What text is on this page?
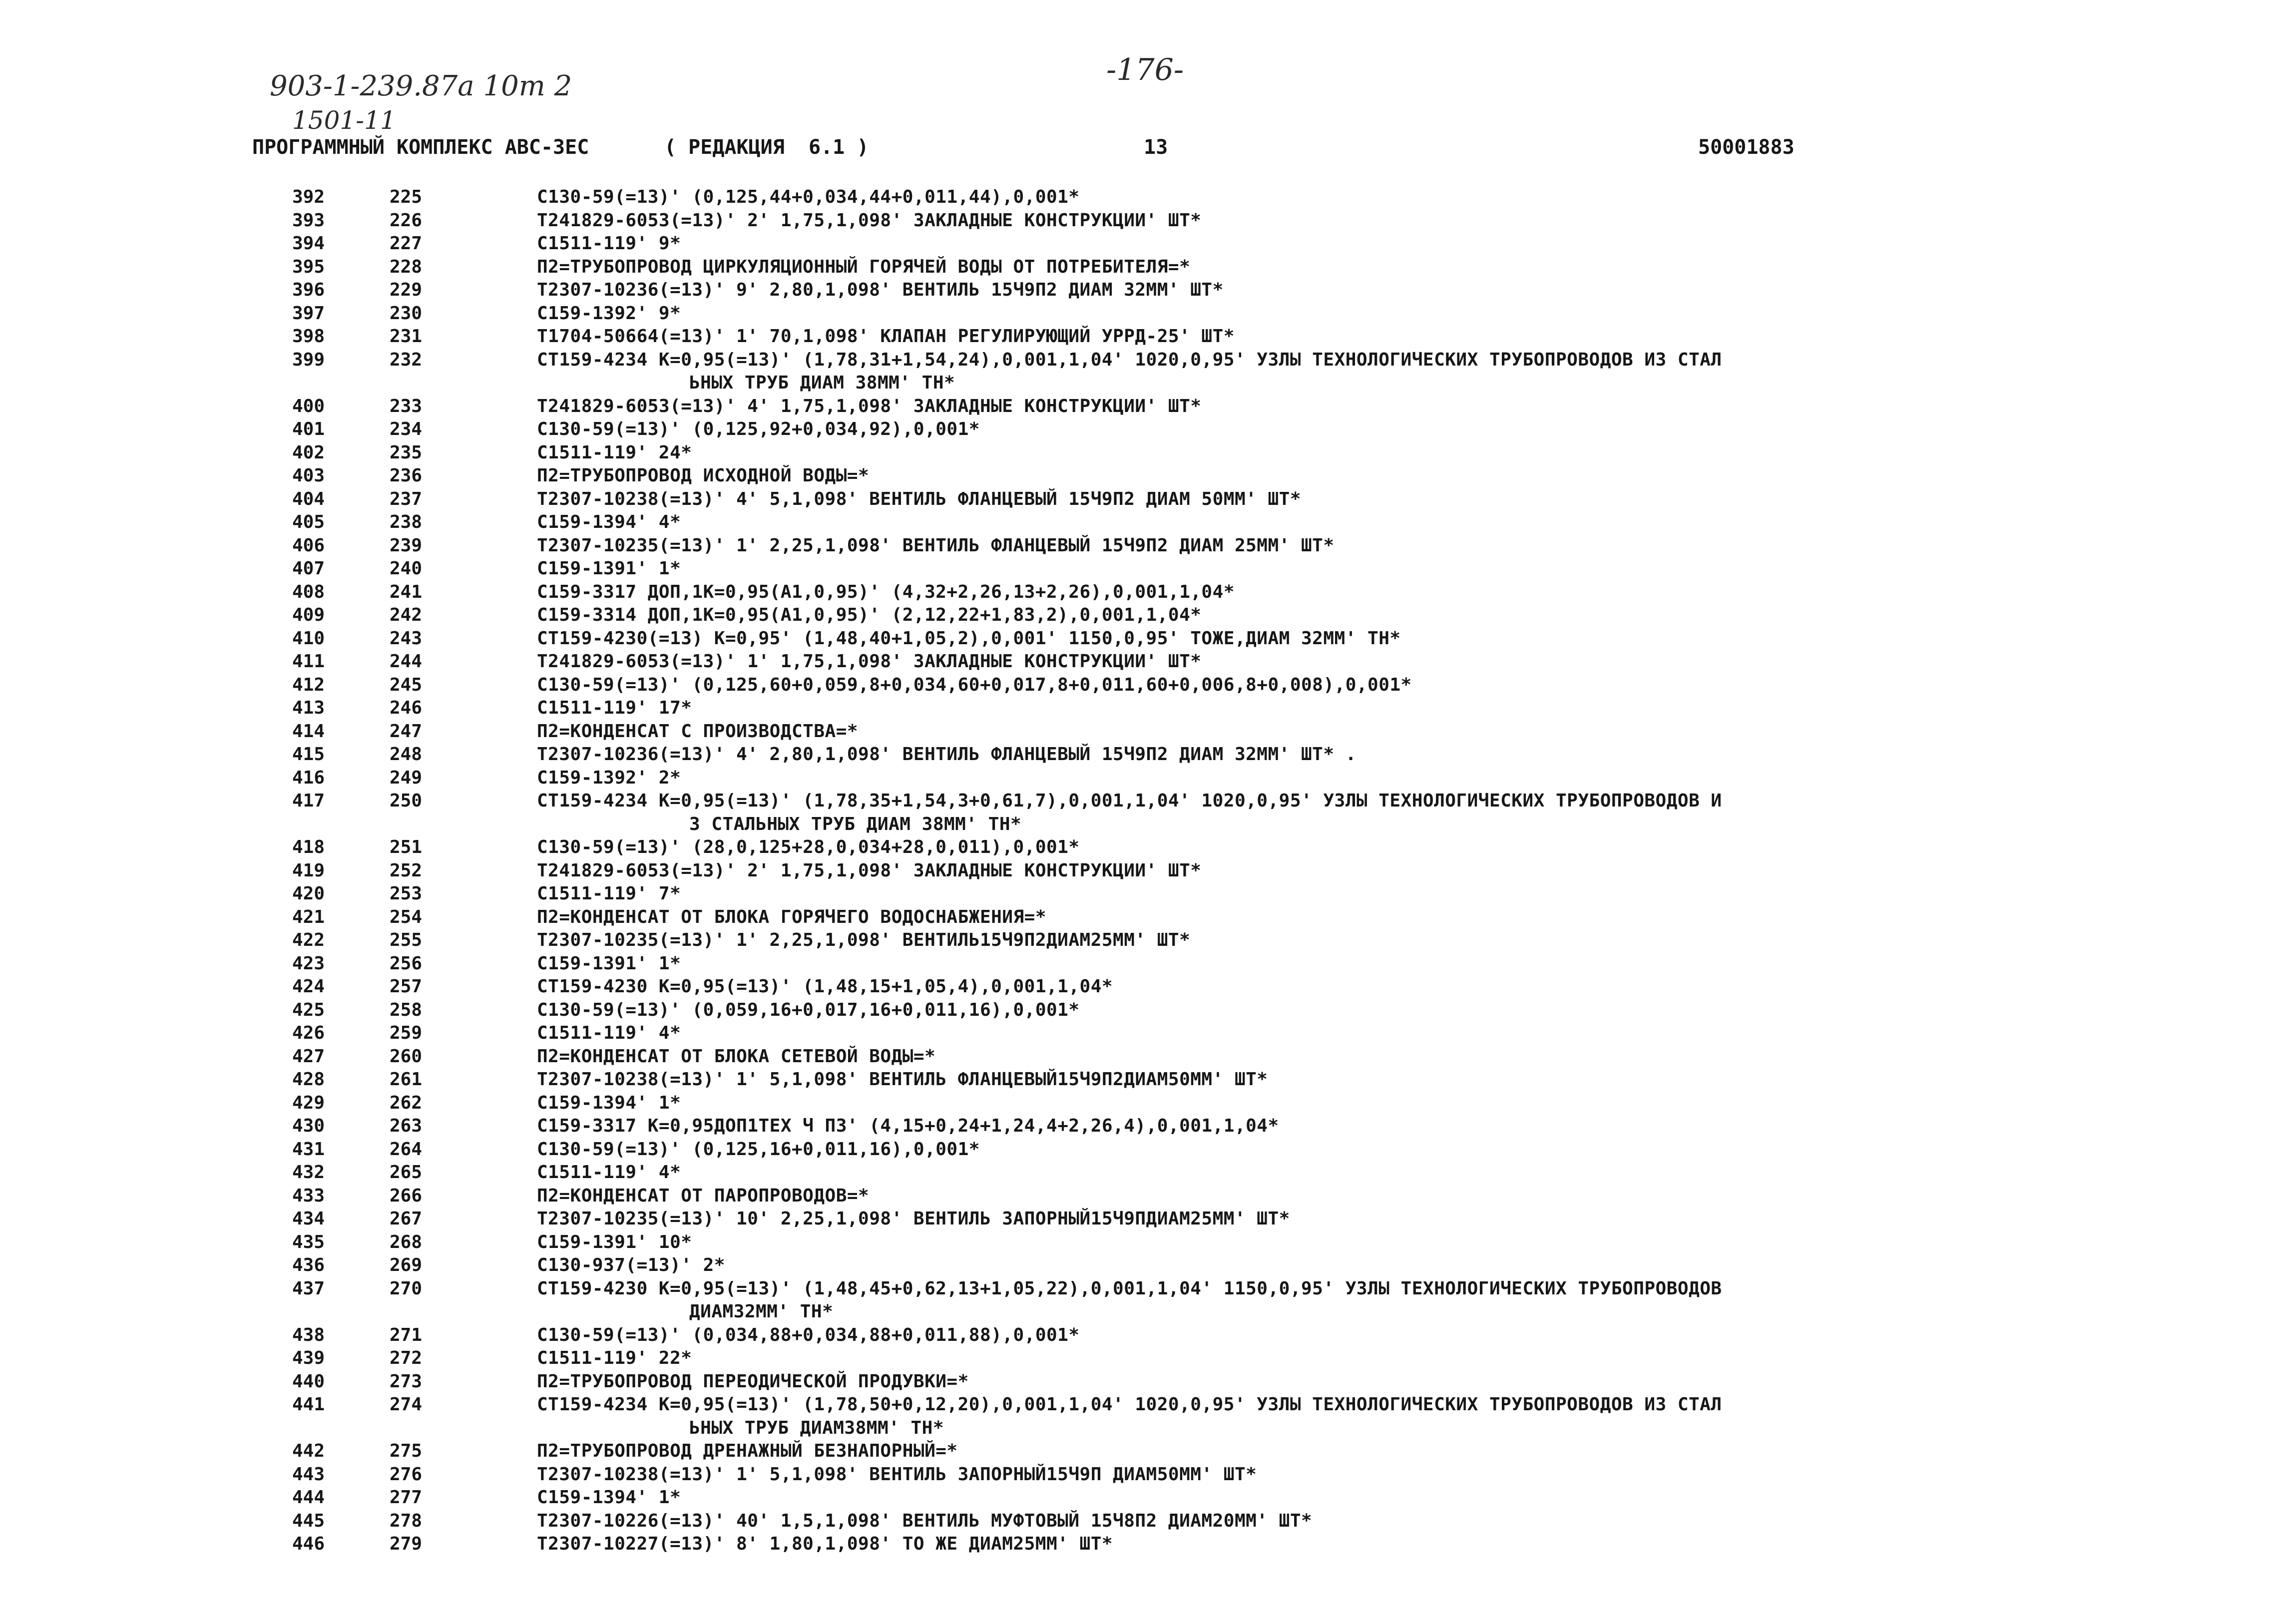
903-1-239.87а 10т 2
1501-11
-176-
ПРОГРАММНЫЙ КОМПЛЕКС АВС-3ЕС	( РЕДАКЦИЯ  6.1 )	13	50001883
392	225	С130-59(=13)' (0,125,44+0,034,44+0,011,44),0,001*
393	226	Т241829-6053(=13)' 2' 1,75,1,098' ЗАКЛАДНЫЕ КОНСТРУКЦИИ' ШТ*
394	227	С1511-119' 9*
395	228	П2=ТРУБОПРОВОД ЦИРКУЛЯЦИОННЫЙ ГОРЯЧЕЙ ВОДЫ ОТ ПОТРЕБИТЕЛЯ=*
396	229	Т2307-10236(=13)' 9' 2,80,1,098' ВЕНТИЛЬ 15Ч9П2 ДИАМ 32ММ' ШТ*
397	230	С159-1392' 9*
398	231	Т1704-50664(=13)' 1' 70,1,098' КЛАПАН РЕГУЛИРУЮЩИЙ УРРД-25' ШТ*
399	232	СТ159-4234 К=0,95(=13)' (1,78,31+1,54,24),0,001,1,04' 1020,0,95' УЗЛЫ ТЕХНОЛОГИЧЕСКИХ ТРУБОПРОВОДОВ ИЗ СТАЛ
ЬНЫХ ТРУБ ДИАМ 38ММ' ТН*
400	233	Т241829-6053(=13)' 4' 1,75,1,098' ЗАКЛАДНЫЕ КОНСТРУКЦИИ' ШТ*
401	234	С130-59(=13)' (0,125,92+0,034,92),0,001*
402	235	С1511-119' 24*
403	236	П2=ТРУБОПРОВОД ИСХОДНОЙ ВОДЫ=*
404	237	Т2307-10238(=13)' 4' 5,1,098' ВЕНТИЛЬ ФЛАНЦЕВЫЙ 15Ч9П2 ДИАМ 50ММ' ШТ*
405	238	С159-1394' 4*
406	239	Т2307-10235(=13)' 1' 2,25,1,098' ВЕНТИЛЬ ФЛАНЦЕВЫЙ 15Ч9П2 ДИАМ 25ММ' ШТ*
407	240	С159-1391' 1*
408	241	С159-3317 ДОП,1К=0,95(А1,0,95)' (4,32+2,26,13+2,26),0,001,1,04*
409	242	С159-3314 ДОП,1К=0,95(А1,0,95)' (2,12,22+1,83,2),0,001,1,04*
410	243	СТ159-4230(=13) К=0,95' (1,48,40+1,05,2),0,001' 1150,0,95' ТОЖЕ,ДИАМ 32ММ' ТН*
411	244	Т241829-6053(=13)' 1' 1,75,1,098' ЗАКЛАДНЫЕ КОНСТРУКЦИИ' ШТ*
412	245	С130-59(=13)' (0,125,60+0,059,8+0,034,60+0,017,8+0,011,60+0,006,8+0,008),0,001*
413	246	С1511-119' 17*
414	247	П2=КОНДЕНСАТ С ПРОИЗВОДСТВА=*
415	248	Т2307-10236(=13)' 4' 2,80,1,098' ВЕНТИЛЬ ФЛАНЦЕВЫЙ 15Ч9П2 ДИАМ 32ММ' ШТ* .
416	249	С159-1392' 2*
417	250	СТ159-4234 К=0,95(=13)' (1,78,35+1,54,3+0,61,7),0,001,1,04' 1020,0,95' УЗЛЫ ТЕХНОЛОГИЧЕСКИХ ТРУБОПРОВОДОВ И
З СТАЛЬНЫХ ТРУБ ДИАМ 38ММ' ТН*
418	251	С130-59(=13)' (28,0,125+28,0,034+28,0,011),0,001*
419	252	Т241829-6053(=13)' 2' 1,75,1,098' ЗАКЛАДНЫЕ КОНСТРУКЦИИ' ШТ*
420	253	С1511-119' 7*
421	254	П2=КОНДЕНСАТ ОТ БЛОКА ГОРЯЧЕГО ВОДОСНАБЖЕНИЯ=*
422	255	Т2307-10235(=13)' 1' 2,25,1,098' ВЕНТИЛЬ15Ч9П2ДИАМ25ММ' ШТ*
423	256	С159-1391' 1*
424	257	СТ159-4230 К=0,95(=13)' (1,48,15+1,05,4),0,001,1,04*
425	258	С130-59(=13)' (0,059,16+0,017,16+0,011,16),0,001*
426	259	С1511-119' 4*
427	260	П2=КОНДЕНСАТ ОТ БЛОКА СЕТЕВОЙ ВОДЫ=*
428	261	Т2307-10238(=13)' 1' 5,1,098' ВЕНТИЛЬ ФЛАНЦЕВЫЙ15Ч9П2ДИАМ50ММ' ШТ*
429	262	С159-1394' 1*
430	263	С159-3317 К=0,95ДОП1ТЕХ Ч П3' (4,15+0,24+1,24,4+2,26,4),0,001,1,04*
431	264	С130-59(=13)' (0,125,16+0,011,16),0,001*
432	265	С1511-119' 4*
433	266	П2=КОНДЕНСАТ ОТ ПАРОПРОВОДОВ=*
434	267	Т2307-10235(=13)' 10' 2,25,1,098' ВЕНТИЛЬ ЗАПОРНЫЙ15Ч9ПДИАМ25ММ' ШТ*
435	268	С159-1391' 10*
436	269	С130-937(=13)' 2*
437	270	СТ159-4230 К=0,95(=13)' (1,48,45+0,62,13+1,05,22),0,001,1,04' 1150,0,95' УЗЛЫ ТЕХНОЛОГИЧЕСКИХ ТРУБОПРОВОДОВ
ДИАМ32ММ' ТН*
438	271	С130-59(=13)' (0,034,88+0,034,88+0,011,88),0,001*
439	272	С1511-119' 22*
440	273	П2=ТРУБОПРОВОД ПЕРЕОДИЧЕСКОЙ ПРОДУВКИ=*
441	274	СТ159-4234 К=0,95(=13)' (1,78,50+0,12,20),0,001,1,04' 1020,0,95' УЗЛЫ ТЕХНОЛОГИЧЕСКИХ ТРУБОПРОВОДОВ ИЗ СТАЛ
ЬНЫХ ТРУБ ДИАМ38ММ' ТН*
442	275	П2=ТРУБОПРОВОД ДРЕНАЖНЫЙ БЕЗНАПОРНЫЙ=*
443	276	Т2307-10238(=13)' 1' 5,1,098' ВЕНТИЛЬ ЗАПОРНЫЙ15Ч9П ДИАМ50ММ' ШТ*
444	277	С159-1394' 1*
445	278	Т2307-10226(=13)' 40' 1,5,1,098' ВЕНТИЛЬ МУФТОВЫЙ 15Ч8П2 ДИАМ20ММ' ШТ*
446	279	Т2307-10227(=13)' 8' 1,80,1,098' ТО ЖЕ ДИАМ25ММ' ШТ*
